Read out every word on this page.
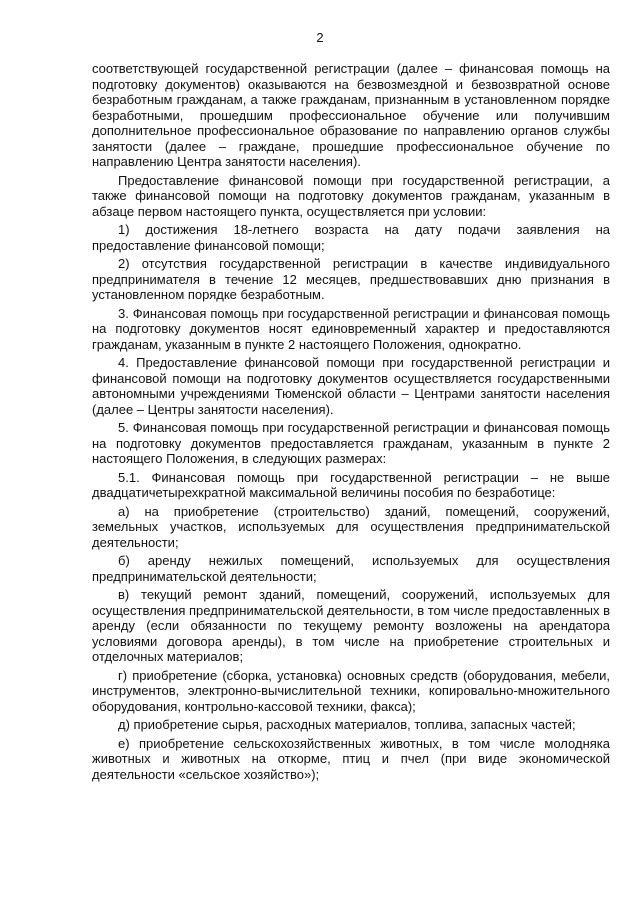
2

соответствующей государственной регистрации (далее – финансовая помощь на подготовку документов) оказываются на безвозмездной и безвозвратной основе безработным гражданам, а также гражданам, признанным в установленном порядке безработными, прошедшим профессиональное обучение или получившим дополнительное профессиональное образование по направлению органов службы занятости (далее – граждане, прошедшие профессиональное обучение по направлению Центра занятости населения).

Предоставление финансовой помощи при государственной регистрации, а также финансовой помощи на подготовку документов гражданам, указанным в абзаце первом настоящего пункта, осуществляется при условии:

1) достижения 18-летнего возраста на дату подачи заявления на предоставление финансовой помощи;

2) отсутствия государственной регистрации в качестве индивидуального предпринимателя в течение 12 месяцев, предшествовавших дню признания в установленном порядке безработным.

3. Финансовая помощь при государственной регистрации и финансовая помощь на подготовку документов носят единовременный характер и предоставляются гражданам, указанным в пункте 2 настоящего Положения, однократно.

4. Предоставление финансовой помощи при государственной регистрации и финансовой помощи на подготовку документов осуществляется государственными автономными учреждениями Тюменской области – Центрами занятости населения (далее – Центры занятости населения).

5. Финансовая помощь при государственной регистрации и финансовая помощь на подготовку документов предоставляется гражданам, указанным в пункте 2 настоящего Положения, в следующих размерах:

5.1. Финансовая помощь при государственной регистрации – не выше двадцатичетырехкратной максимальной величины пособия по безработице:

а) на приобретение (строительство) зданий, помещений, сооружений, земельных участков, используемых для осуществления предпринимательской деятельности;

б) аренду нежилых помещений, используемых для осуществления предпринимательской деятельности;

в) текущий ремонт зданий, помещений, сооружений, используемых для осуществления предпринимательской деятельности, в том числе предоставленных в аренду (если обязанности по текущему ремонту возложены на арендатора условиями договора аренды), в том числе на приобретение строительных и отделочных материалов;

г) приобретение (сборка, установка) основных средств (оборудования, мебели, инструментов, электронно-вычислительной техники, копировально-множительного оборудования, контрольно-кассовой техники, факса);

д) приобретение сырья, расходных материалов, топлива, запасных частей;

е) приобретение сельскохозяйственных животных, в том числе молодняка животных и животных на откорме, птиц и пчел (при виде экономической деятельности «сельское хозяйство»);
